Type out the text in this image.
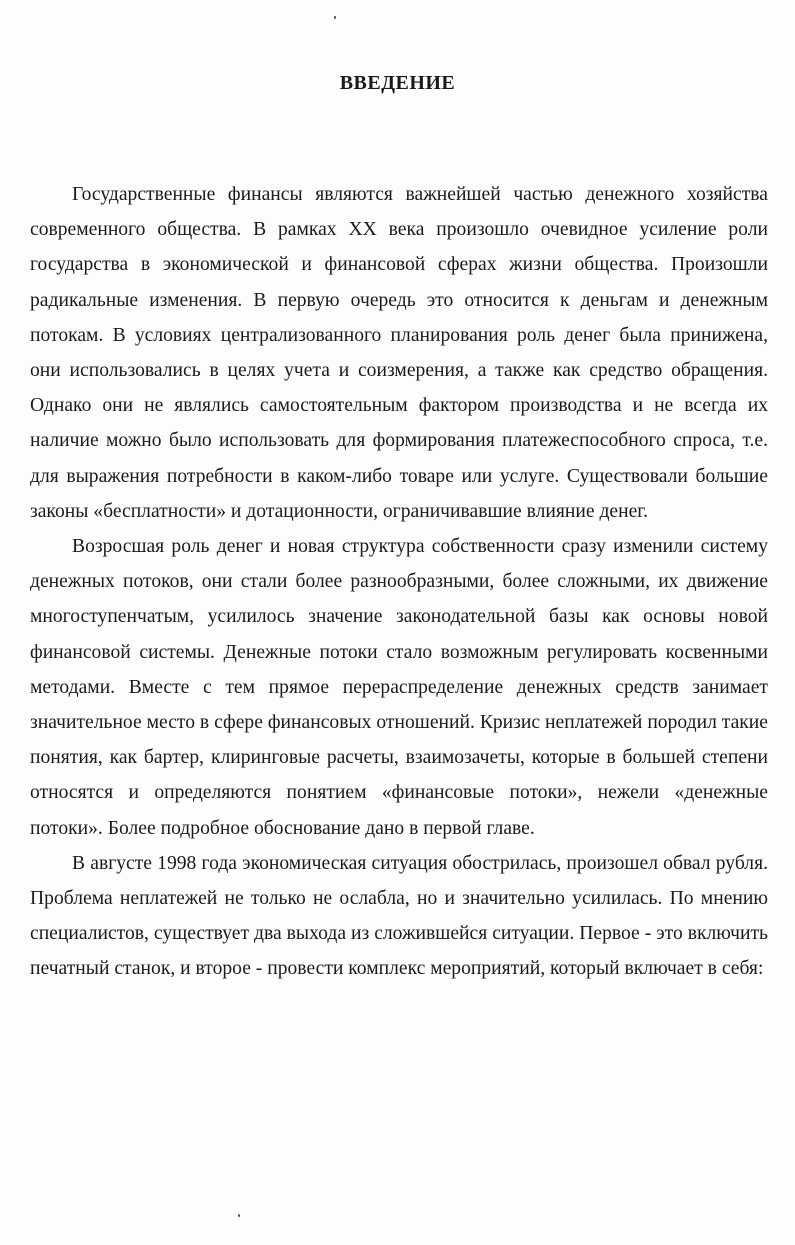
ВВЕДЕНИЕ

Государственные финансы являются важнейшей частью денежного хозяйства современного общества. В рамках XX века произошло очевидное усиление роли государства в экономической и финансовой сферах жизни общества. Произошли радикальные изменения. В первую очередь это относится к деньгам и денежным потокам. В условиях централизованного планирования роль денег была принижена, они использовались в целях учета и соизмерения, а также как средство обращения. Однако они не являлись самостоятельным фактором производства и не всегда их наличие можно было использовать для формирования платежеспособного спроса, т.е. для выражения потребности в каком-либо товаре или услуге. Существовали большие законы «бесплатности» и дотационности, ограничивавшие влияние денег.

Возросшая роль денег и новая структура собственности сразу изменили систему денежных потоков, они стали более разнообразными, более сложными, их движение многоступенчатым, усилилось значение законодательной базы как основы новой финансовой системы. Денежные потоки стало возможным регулировать косвенными методами. Вместе с тем прямое перераспределение денежных средств занимает значительное место в сфере финансовых отношений. Кризис неплатежей породил такие понятия, как бартер, клиринговые расчеты, взаимозачеты, которые в большей степени относятся и определяются понятием «финансовые потоки», нежели «денежные потоки». Более подробное обоснование дано в первой главе.

В августе 1998 года экономическая ситуация обострилась, произошел обвал рубля. Проблема неплатежей не только не ослабла, но и значительно усилилась. По мнению специалистов, существует два выхода из сложившейся ситуации. Первое - это включить печатный станок, и второе - провести комплекс мероприятий, который включает в себя:
